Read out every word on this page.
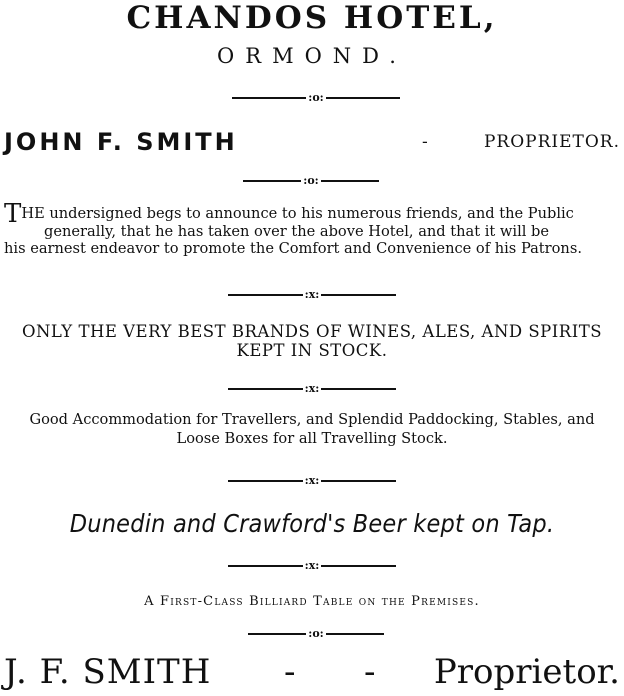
CHANDOS HOTEL,
ORMOND.
:o:
JOHN F. SMITH	-	PROPRIETOR.
:o:
THE undersigned begs to announce to his numerous friends, and the Public
generally, that he has taken over the above Hotel, and that it will be
his earnest endeavor to promote the Comfort and Convenience of his Patrons.
:x:
ONLY THE VERY BEST BRANDS OF WINES, ALES, AND SPIRITS
KEPT IN STOCK.
:x:
Good Accommodation for Travellers, and Splendid Paddocking, Stables, and
Loose Boxes for all Travelling Stock.
:x:
Dunedin and Crawford's Beer kept on Tap.
:x:
A First-Class Billiard Table on the Premises.
:o:
J. F. SMITH - - Proprietor.
